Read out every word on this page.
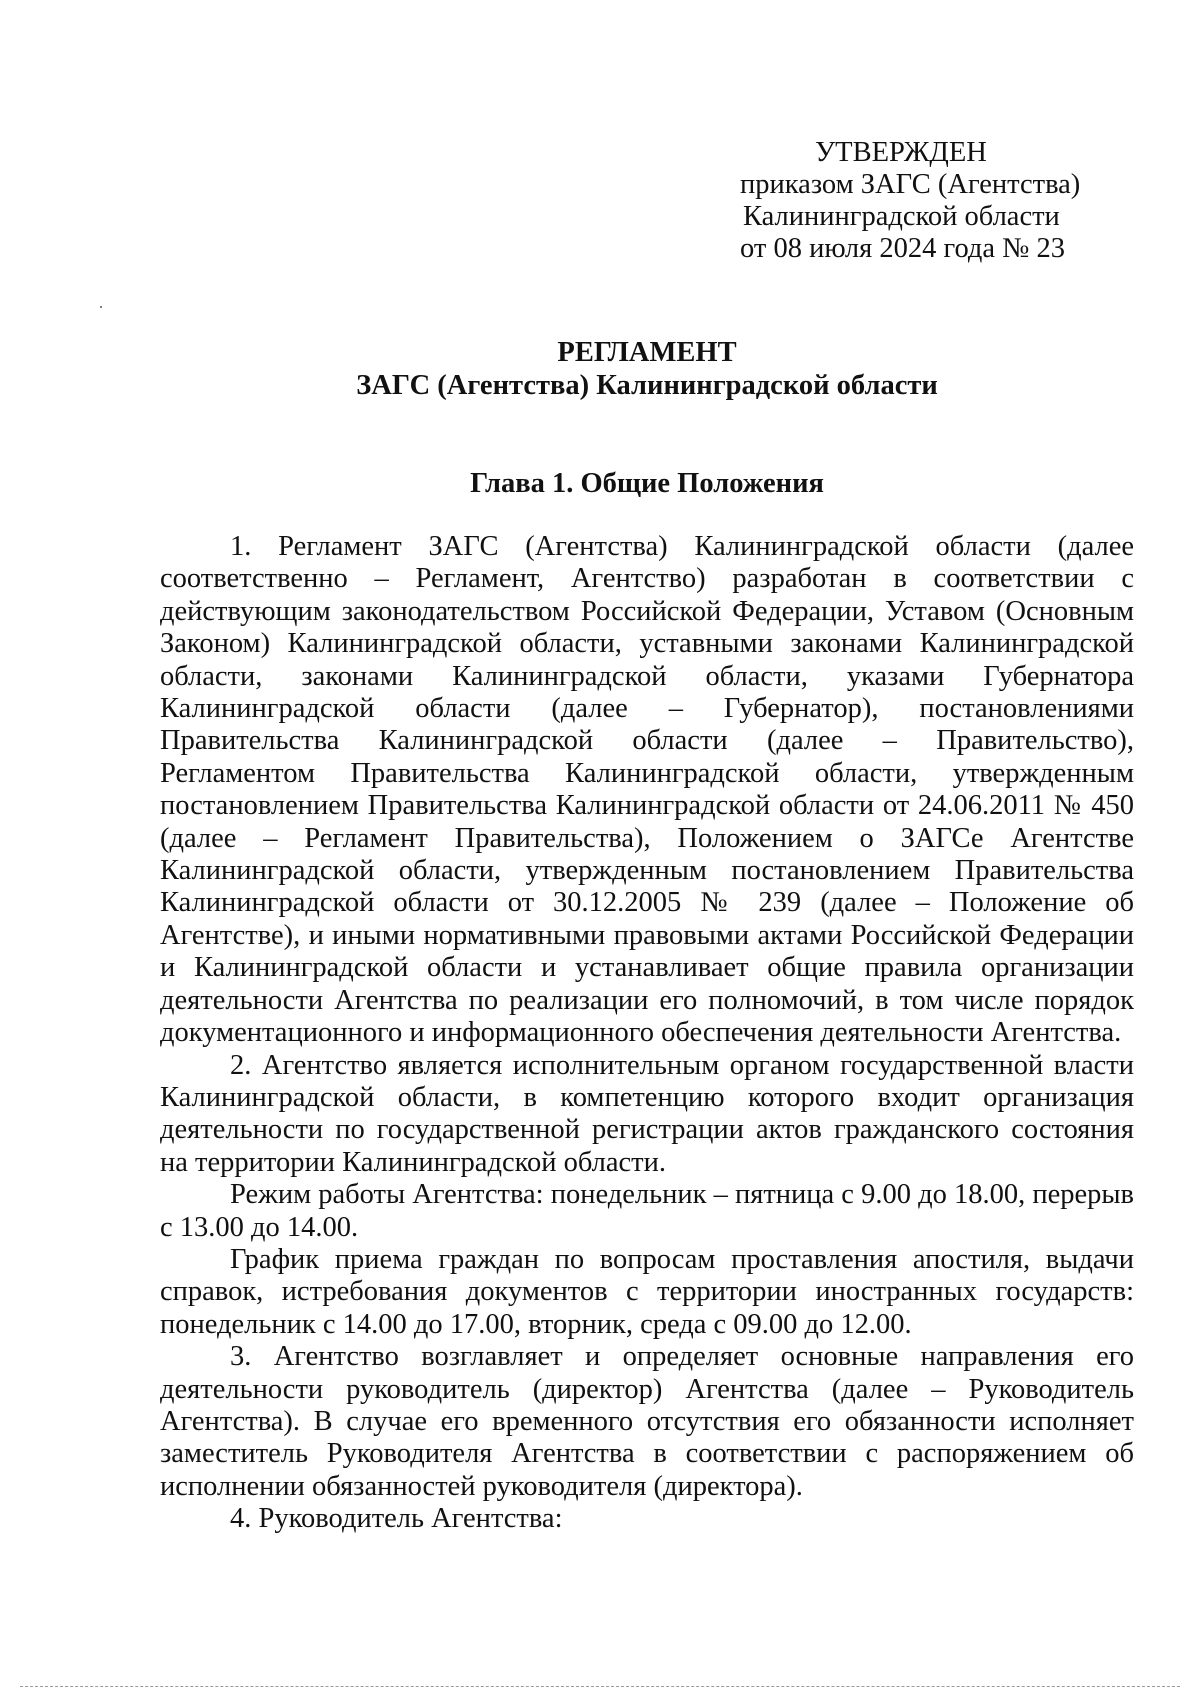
УТВЕРЖДЕН
приказом ЗАГС (Агентства)
Калининградской области
от 08 июля 2024 года № 23
РЕГЛАМЕНТ
ЗАГС (Агентства) Калининградской области
Глава 1. Общие Положения

1. Регламент ЗАГС (Агентства) Калининградской области (далее соответственно – Регламент, Агентство) разработан в соответствии с действующим законодательством Российской Федерации, Уставом (Основным Законом) Калининградской области, уставными законами Калининградской области, законами Калининградской области, указами Губернатора Калининградской области (далее – Губернатор), постановлениями Правительства Калининградской области (далее – Правительство), Регламентом Правительства Калининградской области, утвержденным постановлением Правительства Калининградской области от 24.06.2011 № 450 (далее – Регламент Правительства), Положением о ЗАГСе Агентстве Калининградской области, утвержденным постановлением Правительства Калининградской области от 30.12.2005 № 239 (далее – Положение об Агентстве), и иными нормативными правовыми актами Российской Федерации и Калининградской области и устанавливает общие правила организации деятельности Агентства по реализации его полномочий, в том числе порядок документационного и информационного обеспечения деятельности Агентства.

2. Агентство является исполнительным органом государственной власти Калининградской области, в компетенцию которого входит организация деятельности по государственной регистрации актов гражданского состояния на территории Калининградской области.

Режим работы Агентства: понедельник – пятница с 9.00 до 18.00, перерыв с 13.00 до 14.00.

График приема граждан по вопросам проставления апостиля, выдачи справок, истребования документов с территории иностранных государств: понедельник с 14.00 до 17.00, вторник, среда с 09.00 до 12.00.

3. Агентство возглавляет и определяет основные направления его деятельности руководитель (директор) Агентства (далее – Руководитель Агентства). В случае его временного отсутствия его обязанности исполняет заместитель Руководителя Агентства в соответствии с распоряжением об исполнении обязанностей руководителя (директора).

4. Руководитель Агентства:
